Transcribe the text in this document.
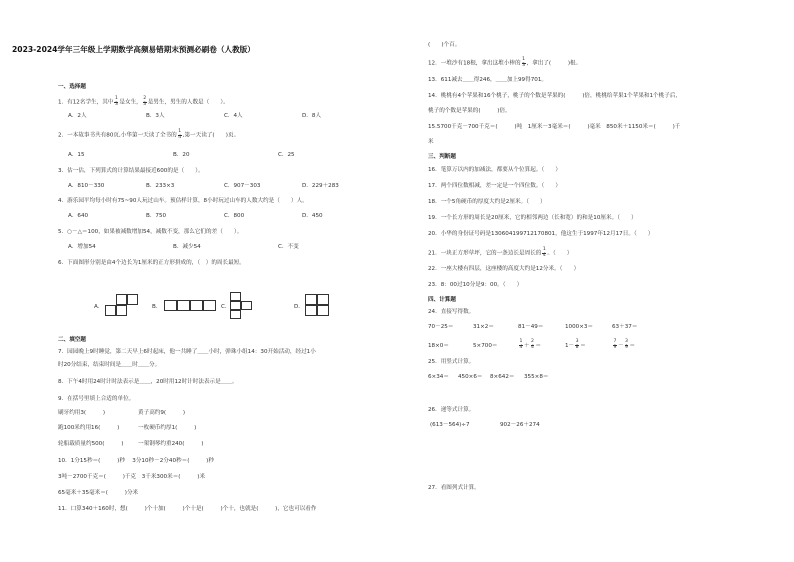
2023-2024学年三年级上学期数学高频易错期末预测必刷卷（人教版）
一、选择题
1．有12名学生，其中 $\frac{1}{3}$ 是女生， $\frac{2}{3}$ 是男生，男生的人数是（　　）。
A．2人	B．3人	C．4人	D．8人
2．一本故事书共有80页,小华第一天读了全书的 $\frac{1}{4}$ ,第一天读了(　　)页。
A．15	B．20	C．25
3．估一估，下列算式的计算结果最接近600的是（　　）。
A．810－330	B．233×3	C．907－303	D．229＋283
4．游乐园平均每小时有75~90人玩过山车。预估样计算，8小时玩过山车的人数大约是（　　）人。
A．640	B．750	C．800	D．450
5．○－△＝100，如果被减数增加54，减数不变，那么它们的差（　　）。
A．增加54	B．减少54	C．不变
6．下面图形分别是由4个边长为1厘米的正方形拼成的，（　）的周长最短。
A．	B．	C．	D．
二、填空题
7．园园晚上9时睡觉，第二天早上6时起床，他一共睡了＿＿小时，弹珠小组14：30开始活动，经过1小
时20分结束，结束时间是＿＿时＿＿分。
8．下午4时用24时计时法表示是＿＿，20时用12时计时法表示是＿＿。
9．在括号里填上合适的单位。
刷牙约用3(　　　)	黄子高约9(　　　)
跑100米约用16(　　　)	一枚硬币约厚1(　　　)
轮船载质量约500(　　　)	一架钢琴约重240(　　　)
10．1分15秒＝(　　　)秒　 3分10秒－2分40秒＝(　　　)秒
3吨－2700千克＝(　　　)千克　3千米300米＝(　　　)米
65毫米＋35毫米＝(　　　)分米
11．口算340＋160时，想(　　　)个十加(　　　)个十是(　　　)个十，也就是(　　　)，它也可以看作
(　　)个百。
12．一堆沙有18根，拿出这堆小棒的 $\frac{1}{3}$ ，拿出了(　　　)根。
13．611减去＿＿得246，＿＿加上99得701。
14．桃桃有4个苹果和16个桃子，桃子的个数是苹果的(　　　)倍，桃桃给苹果1个苹果和1个桃子后，
桃子的个数是苹果的(　　　)倍。
15.5700千克－700千克＝(　　　)吨　1厘米－3毫米＝(　　　)毫米　850米＋1150米＝(　　　)千
米
三、判断题
16．笔算万以内的加减法，都要从个位算起。（　　）
17．两个四位数相减，差一定是一个四位数。（　　）
18．一个5角硬币的厚度大约是2厘米。（　　）
19．一个长方形的周长是20厘米，它的相邻两边（长和宽）的和是10厘米。（　　）
20．小华的身份证号码是130604199712170801，他这生于1997年12月17日。（　　）
21．一块正方形草坪，它的一条边长是周长的 $\frac{1}{4}$ 。（　　）
22．一座大楼有四层，这座楼的高度大约是12分米。（　　）
23．8：00过10分是9：00。（　　）
四、计算题
24．直接写得数。
70－25＝	31×2＝	81－49＝	1000×3＝	63＋37＝
18×0＝	5×700＝	$\frac{1}{4} + \frac{2}{4}$ ＝	$1- \frac{3}{8}$ ＝	$\frac{7}{9} - \frac{3}{9}$ ＝
25．用竖式计算。
6×34＝ 450×6＝ 8×642＝ 355×8＝
26．递等式计算。
(613－564)÷7	902－26＋274
27．看图列式计算。
